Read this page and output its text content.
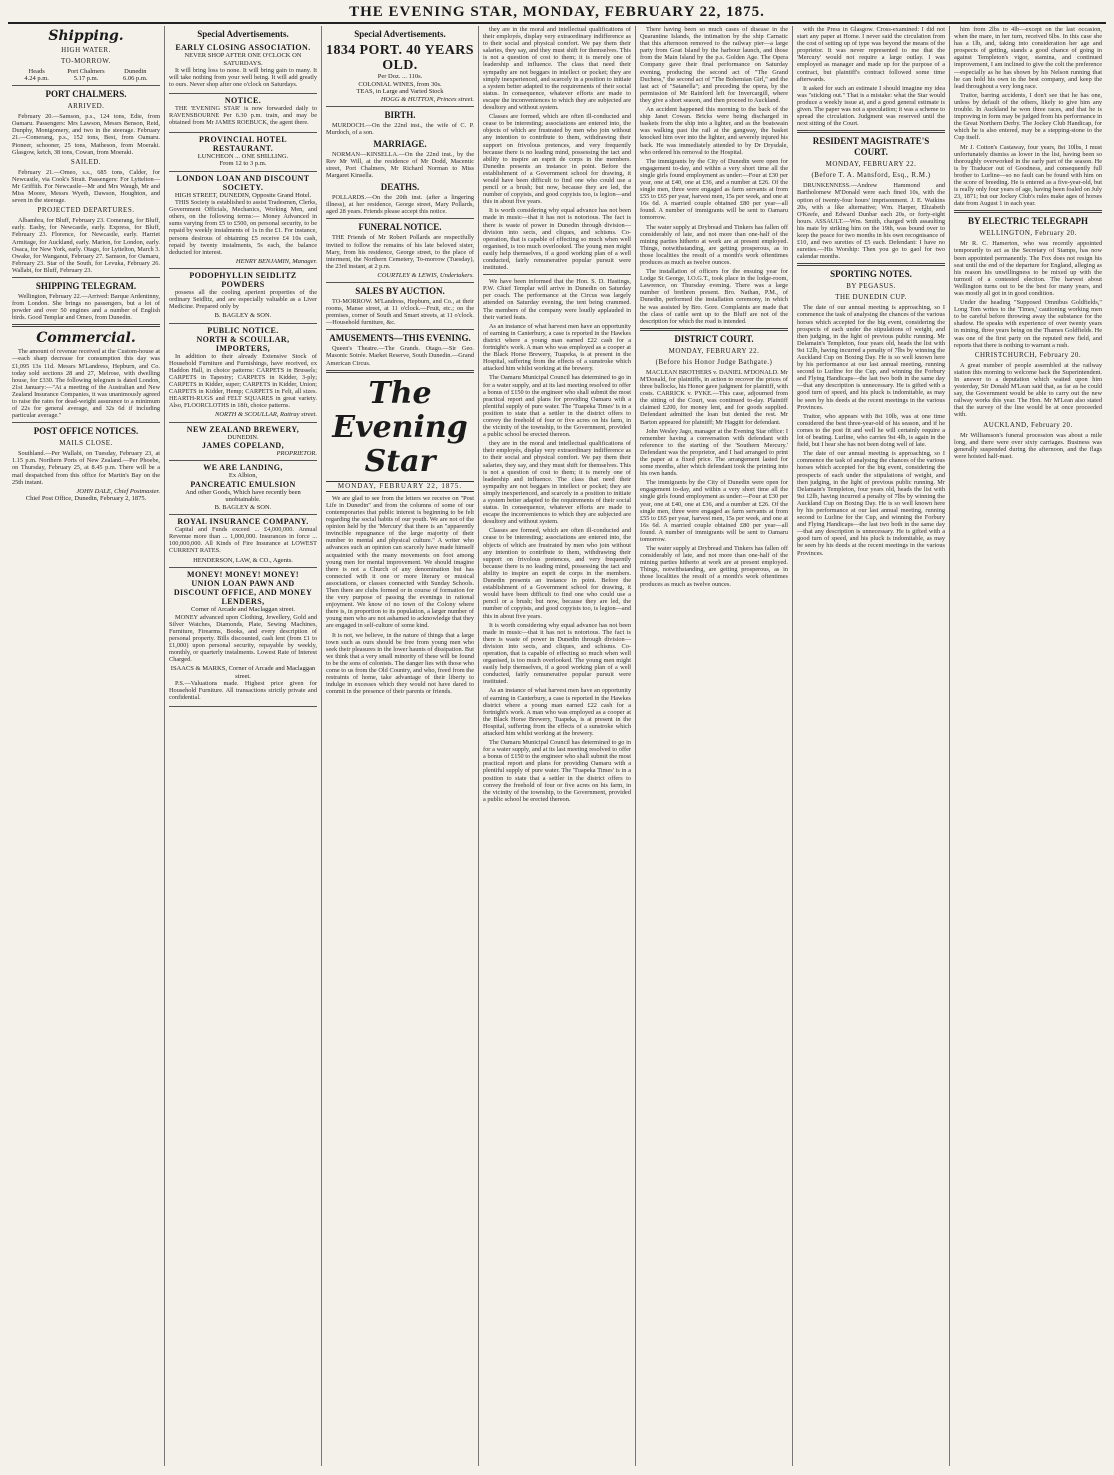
THE EVENING STAR, MONDAY, FEBRUARY 22, 1875.
Shipping.
HIGH WATER.
TO-MORROW.
Heads
4.24 p.m.
Port Chalmers
5.17 p.m.
Dunedin
6.06 p.m.
PORT CHALMERS.
ARRIVED.

February 20.—Samson, p.s., 124 tons, Edie, from Oamaru. Passengers: Mrs Lawson, Messrs Benson, Reid, Dunphy, Montgomery, and two in the steerage. February 21.—Comerang, p.s., 152 tons, Best, from Oamaru. Pioneer, schooner, 25 tons, Matheson, from Moeraki. Glasgow, ketch, 38 tons, Cowan, from Moeraki.

SAILED.

February 21.—Omeo, s.s., 685 tons, Calder, for Newcastle, via Cook's Strait. Passengers: For Lyttelton—Mr Griffith. For Newcastle—Mr and Mrs Waugh, Mr and Miss Moore, Messrs Wyeth, Dawson, Houghton, and seven in the steerage.

PROJECTED DEPARTURES.

Albambra, for Bluff, February 23. Comerang, for Bluff, early. Easby, for Newcastle, early. Express, for Bluff, February 23. Florence, for Newcastle, early. Harriet Armitage, for Auckland, early. Marion, for London, early. Osaca, for New York, early. Otago, for Lyttelton, March 3. Owake, for Wanganui, February 27. Samson, for Oamaru, February 23. Star of the South, for Levuka, February 26. Wallabi, for Bluff, February 23.

SHIPPING TELEGRAM.

Wellington, February 22.—Arrived: Barque Ardentinny, from London. She brings no passengers, but a lot of powder and over 50 engines and a number of English birds. Good Templar and Omeo, from Dunedin.

Commercial.

The amount of revenue received at the Custom-house at—each sharp decrease for consumption this day was £1,095 13s 11d. Messrs M'Landress, Hepburn, and Co. today sold sections 28 and 27, Melrose, with dwelling house, for £330. The following telegram is dated London, 21st January:—"At a meeting of the Australian and New Zealand Insurance Companies, it was unanimously agreed to raise the rates for dead-weight assurance to a minimum of 22s for general average, and 32s 6d if including particular average."

POST OFFICE NOTICES.
MAILS CLOSE.

Southland.—Per Wallabi, on Tuesday, February 23, at 1.15 p.m. Northern Ports of New Zealand.—Per Phoebe, on Thursday, February 25, at 8.45 p.m. There will be a mail despatched from this office for Martin's Bay on the 25th instant.

JOHN DALE, Chief Postmaster.
Chief Post Office, Dunedin, February 2, 1875.
Special Advertisements.
EARLY CLOSING ASSOCIATION.
NEVER SHOP AFTER ONE O'CLOCK ON SATURDAYS.

It will bring loss to none. It will bring gain to many. It will take nothing from your well being. It will add greatly to ours. Never shop after one o'clock on Saturdays.

NOTICE.

THE 'EVENING STAR' is now forwarded daily to RAVENSBOURNE Per 6.30 p.m. train, and may be obtained from Mr JAMES ROEBUCK, the agent there.

PROVINCIAL HOTEL RESTAURANT.
LUNCHEON ... ONE SHILLING.
From 12 to 3 p.m.
LONDON LOAN AND DISCOUNT SOCIETY.
HIGH STREET, DUNEDIN, Opposite Grand Hotel.

THIS Society is established to assist Tradesmen, Clerks, Government Officials, Mechanics, Working Men, and others, on the following terms:— Money Advanced in sums varying from £5 to £500, on personal security, to be repaid by weekly instalments of 1s in the £1. For instance, persons desirous of obtaining £5 receive £4 10s cash, repaid by twenty instalments, 5s each, the balance deducted for interest.

HENRY BENJAMIN, Manager.
PODOPHYLLIN SEIDLITZ POWDERS

possess all the cooling aperient properties of the ordinary Seidlitz, and are especially valuable as a Liver Medicine. Prepared only by

B. BAGLEY & SON.
PUBLIC NOTICE.
NORTH & SCOULLAR, IMPORTERS,

In addition to their already Extensive Stock of Household Furniture and Furnishings, have received, ex Haddon Hall, in choice patterns: CARPETS in Brussels; CARPETS in Tapestry; CARPETS in Kidder, 3-ply; CARPETS in Kidder, super; CARPETS in Kidder, Union; CARPETS in Kidder, Hemp; CARPETS in Felt, all sizes. HEARTH-RUGS and FELT SQUARES in great variety. Also, FLOORCLOTHS in 18ft, choice patterns.

NORTH & SCOULLAR, Rattray street.
NEW ZEALAND BREWERY,
DUNEDIN.
JAMES COPELAND,
PROPRIETOR.
WE ARE LANDING,
Ex Albion,
PANCREATIC EMULSION
And other Goods, Which have recently been unobtainable.
B. BAGLEY & SON.
ROYAL INSURANCE COMPANY.

Capital and Funds exceed ... £4,000,000. Annual Revenue more than ... 1,000,000. Insurances in force ... 100,000,000. All Kinds of Fire Insurance at LOWEST CURRENT RATES.

HENDERSON, LAW, & CO., Agents.
MONEY! MONEY! MONEY!
UNION LOAN PAWN AND DISCOUNT OFFICE, AND MONEY LENDERS,
Corner of Arcade and Maclaggan street.

MONEY advanced upon Clothing, Jewellery, Gold and Silver Watches, Diamonds, Plate, Sewing Machines, Furniture, Firearms, Books, and every description of personal property. Bills discounted, cash lent (from £1 to £1,000) upon personal security, repayable by weekly, monthly, or quarterly instalments. Lowest Rate of Interest Charged.

ISAACS & MARKS, Corner of Arcade and Maclaggan street.

P.S.—Valuations made. Highest price given for Household Furniture. All transactions strictly private and confidential.

Special Advertisements.
1834 PORT. 40 YEARS OLD.
Per Doz. ... 110s.
COLONIAL WINES, from 30s.
TEAS, in Large and Varied Stock
HOGG & HUTTON, Princes street.
BIRTH.

MURDOCH.—On the 22nd inst., the wife of C. P. Murdoch, of a son.

MARRIAGE.

NORMAN—KINSELLA.—On the 22nd inst., by the Rev Mr Will, at the residence of Mr Dodd, Macentic street, Port Chalmers, Mr Richard Norman to Miss Margaret Kinsella.

DEATHS.

POLLARDS.—On the 20th inst. (after a lingering illness), at her residence, George street, Mary Pollards, aged 28 years. Friends please accept this notice.

FUNERAL NOTICE.

THE Friends of Mr Robert Pollards are respectfully invited to follow the remains of his late beloved sister, Mary, from his residence, George street, to the place of interment, the Northern Cemetery, To-morrow (Tuesday), the 23rd instant, at 2 p.m.

COURTLEY & LEWIS, Undertakers.
SALES BY AUCTION.

TO-MORROW. M'Landress, Hepburn, and Co., at their rooms, Manse street, at 11 o'clock.—Fruit, etc.; on the premises, corner of South and Smart streets, at 11 o'clock.—Household furniture, &c.

AMUSEMENTS—THIS EVENING.

Queen's Theatre.—The Grands. Otago.—Sir Geo. Masonic Soirée. Market Reserve, South Dunedin.—Grand American Circus.

The Evening Star
MONDAY, FEBRUARY 22, 1875.

We are glad to see from the letters we receive on "Post Life in Dunedin" and from the columns of some of our contemporaries that public interest is beginning to be felt regarding the social habits of our youth. We are not of the opinion held by the 'Mercury' that there is an "apparently invincible repugnance of the large majority of their number to mental and physical culture." A writer who advances such an opinion can scarcely have made himself acquainted with the many movements on foot among young men for mental improvement. We should imagine there is not a Church of any denomination but has connected with it one or more literary or musical associations, or classes connected with Sunday Schools. Then there are clubs formed or in course of formation for the very purpose of passing the evenings in rational enjoyment. We know of no town of the Colony where there is, in proportion to its population, a larger number of young men who are not ashamed to acknowledge that they are engaged in self-culture of some kind.

It is not, we believe, in the nature of things that a large town such as ours should be free from young men who seek their pleasures in the lower haunts of dissipation. But we think that a very small minority of these will be found to be the sons of colonists. The danger lies with those who come to us from the Old Country, and who, freed from the restraints of home, take advantage of their liberty to indulge in excesses which they would not have dared to commit in the presence of their parents or friends.

they are in the moral and intellectual qualifications of their employés, display very extraordinary indifference as to their social and physical comfort. We pay them their salaries, they say, and they must shift for themselves. This is not a question of cost to them; it is merely one of leadership and influence. The class that need their sympathy are not beggars in intellect or pocket; they are simply inexperienced, and scarcely in a position to initiate a system better adapted to the requirements of their social status. In consequence, whatever efforts are made to escape the inconveniences to which they are subjected are desultory and without system.

Classes are formed, which are often ill-conducted and cease to be interesting; associations are entered into, the objects of which are frustrated by men who join without any intention to contribute to them, withdrawing their support on frivolous pretences, and very frequently because there is no leading mind, possessing the tact and ability to inspire an esprit de corps in the members. Dunedin presents an instance in point. Before the establishment of a Government school for drawing, it would have been difficult to find one who could use a pencil or a brush; but now, because they are led, the number of copyists, and good copyists too, is legion—and this in about five years.

It is worth considering why equal advance has not been made in music—that it has not is notorious. The fact is there is waste of power in Dunedin through division—division into sects, and cliques, and schisms. Co-operation, that is capable of effecting so much when well organised, is too much overlooked. The young men might easily help themselves, if a good working plan of a well conducted, fairly remunerative popular pursuit were instituted.

We have been informed that the Hon. S. D. Hastings, P.W. Chief Templar will arrive in Dunedin on Saturday per coach. The performance at the Circus was largely attended on Saturday evening, the tent being crammed. The members of the company were loudly applauded in their varied feats.

As an instance of what harvest men have an opportunity of earning in Canterbury, a case is reported in the Hawkes district where a young man earned £22 cash for a fortnight's work. A man who was employed as a cooper at the Black Horse Brewery, Tuapeka, is at present in the Hospital, suffering from the effects of a sunstroke which attacked him whilst working at the brewery.

The Oamaru Municipal Council has determined to go in for a water supply, and at its last meeting resolved to offer a bonus of £150 to the engineer who shall submit the most practical report and plans for providing Oamaru with a plentiful supply of pure water. The 'Tuapeka Times' is in a position to state that a settler in the district offers to convey the freehold of four or five acres on his farm, in the vicinity of the township, to the Government, provided a public school be erected thereon.

they are in the moral and intellectual qualifications of their employés, display very extraordinary indifference as to their social and physical comfort. We pay them their salaries, they say, and they must shift for themselves. This is not a question of cost to them; it is merely one of leadership and influence. The class that need their sympathy are not beggars in intellect or pocket; they are simply inexperienced, and scarcely in a position to initiate a system better adapted to the requirements of their social status. In consequence, whatever efforts are made to escape the inconveniences to which they are subjected are desultory and without system.

Classes are formed, which are often ill-conducted and cease to be interesting; associations are entered into, the objects of which are frustrated by men who join without any intention to contribute to them, withdrawing their support on frivolous pretences, and very frequently because there is no leading mind, possessing the tact and ability to inspire an esprit de corps in the members. Dunedin presents an instance in point. Before the establishment of a Government school for drawing, it would have been difficult to find one who could use a pencil or a brush; but now, because they are led, the number of copyists, and good copyists too, is legion—and this in about five years.

It is worth considering why equal advance has not been made in music—that it has not is notorious. The fact is there is waste of power in Dunedin through division—division into sects, and cliques, and schisms. Co-operation, that is capable of effecting so much when well organised, is too much overlooked. The young men might easily help themselves, if a good working plan of a well conducted, fairly remunerative popular pursuit were instituted.

As an instance of what harvest men have an opportunity of earning in Canterbury, a case is reported in the Hawkes district where a young man earned £22 cash for a fortnight's work. A man who was employed as a cooper at the Black Horse Brewery, Tuapeka, is at present in the Hospital, suffering from the effects of a sunstroke which attacked him whilst working at the brewery.

The Oamaru Municipal Council has determined to go in for a water supply, and at its last meeting resolved to offer a bonus of £150 to the engineer who shall submit the most practical report and plans for providing Oamaru with a plentiful supply of pure water. The 'Tuapeka Times' is in a position to state that a settler in the district offers to convey the freehold of four or five acres on his farm, in the vicinity of the township, to the Government, provided a public school be erected thereon.

There having been so much cases of disease in the Quarantine Islands, the intimation by the ship Carnatic that this afternoon removed to the railway pier—a large party from Goat Island by the harbour launch, and those from the Main Island by the p.s. Golden Age. The Opera Company gave their final performance on Saturday evening, producing the second act of "The Grand Duchess," the second act of "The Bohemian Girl," and the last act of "Satanella"; and preceding the opera, by the permission of Mr Rainford left for Invercargill, where they give a short season, and then proceed to Auckland.

An accident happened this morning to the back of the ship Janet Cowan. Bricks were being discharged in baskets from the ship into a lighter, and as the boatswain was walking past the rail at the gangway, the basket knocked him over into the lighter, and severely injured his back. He was immediately attended to by Dr Drysdale, who ordered his removal to the Hospital.

The immigrants by the City of Dunedin were open for engagement to-day, and within a very short time all the single girls found employment as under:—Four at £30 per year, one at £40, one at £36, and a number at £26. Of the single men, three were engaged as farm servants at from £55 to £65 per year, harvest men, 15s per week, and one at 16s 6d. A married couple obtained £80 per year—all found. A number of immigrants will be sent to Oamaru tomorrow.

The water supply at Drybread and Tinkers has fallen off considerably of late, and not more than one-half of the mining parties hitherto at work are at present employed. Things, notwithstanding, are getting prosperous, as in those localities the result of a month's work oftentimes produces as much as twelve ounces.

The installation of officers for the ensuing year for Lodge St George, I.O.G.T., took place in the lodge-room, Lawrence, on Thursday evening. There was a large number of brethren present. Bro. Nathan, P.M., of Dunedin, performed the installation ceremony, in which he was assisted by Bro. Gore. Complaints are made that the class of cattle sent up to the Bluff are not of the description for which the road is intended.

DISTRICT COURT.
MONDAY, FEBRUARY 22.
(Before his Honor Judge Bathgate.)

MACLEAN BROTHERS v. DANIEL M'DONALD. Mr M'Donald, for plaintiffs, in action to recover the prices of three bullocks, his Honor gave judgment for plaintiff, with costs. CARRICK v. PYKE.—This case, adjourned from the sitting of the Court, was continued to-day. Plaintiff claimed £200, for money lent, and for goods supplied. Defendant admitted the loan but denied the rest. Mr Barton appeared for plaintiff; Mr Haggitt for defendant.

John Wesley Jago, manager at the Evening Star office: I remember having a conversation with defendant with reference to the starting of the 'Southern Mercury.' Defendant was the proprietor, and I had arranged to print the paper at a fixed price. The arrangement lasted for some months, after which defendant took the printing into his own hands.

The immigrants by the City of Dunedin were open for engagement to-day, and within a very short time all the single girls found employment as under:—Four at £30 per year, one at £40, one at £36, and a number at £26. Of the single men, three were engaged as farm servants at from £55 to £65 per year, harvest men, 15s per week, and one at 16s 6d. A married couple obtained £80 per year—all found. A number of immigrants will be sent to Oamaru tomorrow.

The water supply at Drybread and Tinkers has fallen off considerably of late, and not more than one-half of the mining parties hitherto at work are at present employed. Things, notwithstanding, are getting prosperous, as in those localities the result of a month's work oftentimes produces as much as twelve ounces.

with the Press in Glasgow. Cross-examined: I did not start any paper at Home. I never said the circulation from the cost of setting up of type was beyond the means of the proprietor. It was never represented to me that the 'Mercury' would not require a large outlay. I was employed as manager and made up for the purpose of a contract, but plaintiff's contract followed some time afterwards.

It asked for such an estimate I should imagine my idea was "sticking out." That is a mistake: what the Star would produce a weekly issue at, and a good general estimate is given. The paper was not a speculation; it was a scheme to spread the circulation. Judgment was reserved until the next sitting of the Court.

RESIDENT MAGISTRATE'S COURT.
MONDAY, FEBRUARY 22.
(Before T. A. Mansford, Esq., R.M.)

DRUNKENNESS.—Andrew Hammond and Bartholomew M'Donald were each fined 10s, with the option of twenty-four hours' imprisonment. J. E. Watkins 20s, with a like alternative; Wm. Harper, Elizabeth O'Keefe, and Edward Dunbar each 20s, or forty-eight hours. ASSAULT.—Wm. Smith, charged with assaulting his mate by striking him on the 19th, was bound over to keep the peace for two months in his own recognisance of £10, and two sureties of £5 each. Defendant: I have no sureties.—His Worship: Then you go to gaol for two calendar months.

SPORTING NOTES.
BY PEGASUS.
THE DUNEDIN CUP.

The date of our annual meeting is approaching, so I commence the task of analysing the chances of the various horses which accepted for the big event, considering the prospects of each under the stipulations of weight, and then judging, in the light of previous public running. Mr Delamain's Templeton, four years old, heads the list with 9st 12lb, having incurred a penalty of 7lbs by winning the Auckland Cup on Boxing Day. He is so well known here by his performance at our last annual meeting, running second to Lurline for the Cup, and winning the Forbury and Flying Handicaps—the last two both in the same day—that any description is unnecessary. He is gifted with a good turn of speed, and his pluck is indomitable, as may be seen by his deeds at the recent meetings in the various Provinces.

Traitor, who appears with 8st 10lb, was at one time considered the best three-year-old of his season, and if he comes to the post fit and well he will certainly require a lot of beating. Lurline, who carries 9st 4lb, is again in the field, but I hear she has not been doing well of late.

The date of our annual meeting is approaching, so I commence the task of analysing the chances of the various horses which accepted for the big event, considering the prospects of each under the stipulations of weight, and then judging, in the light of previous public running. Mr Delamain's Templeton, four years old, heads the list with 9st 12lb, having incurred a penalty of 7lbs by winning the Auckland Cup on Boxing Day. He is so well known here by his performance at our last annual meeting, running second to Lurline for the Cup, and winning the Forbury and Flying Handicaps—the last two both in the same day—that any description is unnecessary. He is gifted with a good turn of speed, and his pluck is indomitable, as may be seen by his deeds at the recent meetings in the various Provinces.

him from 2lbs to 4lb—except on the last occasion, when the mare, in her turn, received 6lbs. In this case she has a 1lb, and, taking into consideration her age and prospects of getting, stands a good chance of going in against Templeton's vigor, stamina, and continued improvement, I am inclined to give the colt the preference—especially as he has shown by his Nelson running that he can hold his own in the best company, and keep the lead throughout a very long race.

Traitor, barring accidents, I don't see that he has one, unless by default of the others, likely to give him any trouble. In Auckland he won three races, and that he is improving in form may be judged from his performance in the Great Northern Derby. The Jockey Club Handicap, for which he is also entered, may be a stepping-stone to the Cup itself.

Mr J. Cotton's Castaway, four years, 8st 10lbs, I must unfortunately dismiss as lower in the list, having been so thoroughly overworked in the early part of the season. He is by Traducer out of Goodness, and consequently full brother to Lurline—so no fault can be found with him on the score of breeding. He is entered as a five-year-old, but is really only four years of age, having been foaled on July 23, 1871; but our Jockey Club's rules make ages of horses date from August 1 in each year.

BY ELECTRIC TELEGRAPH
WELLINGTON, February 20.

Mr R. C. Hamerton, who was recently appointed temporarily to act as the Secretary of Stamps, has now been appointed permanently. The Fox does not resign his seat until the end of the departure for England, alleging as his reason his unwillingness to be mixed up with the turmoil of a contested election. The harvest about Wellington turns out to be the best for many years, and was mostly all got in in good condition.

Under the heading "Supposed Omnibus Goldfields," Long Tom writes to the 'Times,' cautioning working men to be careful before throwing away the substance for the shadow. He speaks with experience of over twenty years in mining, three years being on the Thames Goldfields. He was one of the first party on the reputed new field, and reports that there is nothing to warrant a rush.

CHRISTCHURCH, February 20.

A great number of people assembled at the railway station this morning to welcome back the Superintendent. In answer to a deputation which waited upon him yesterday, Sir Donald M'Lean said that, as far as he could say, the Government would be able to carry out the new railway works this year. The Hon. Mr M'Lean also stated that the survey of the line would be at once proceeded with.

AUCKLAND, February 20.

Mr Williamson's funeral procession was about a mile long, and there were over sixty carriages. Business was generally suspended during the afternoon, and the flags were hoisted half-mast.
